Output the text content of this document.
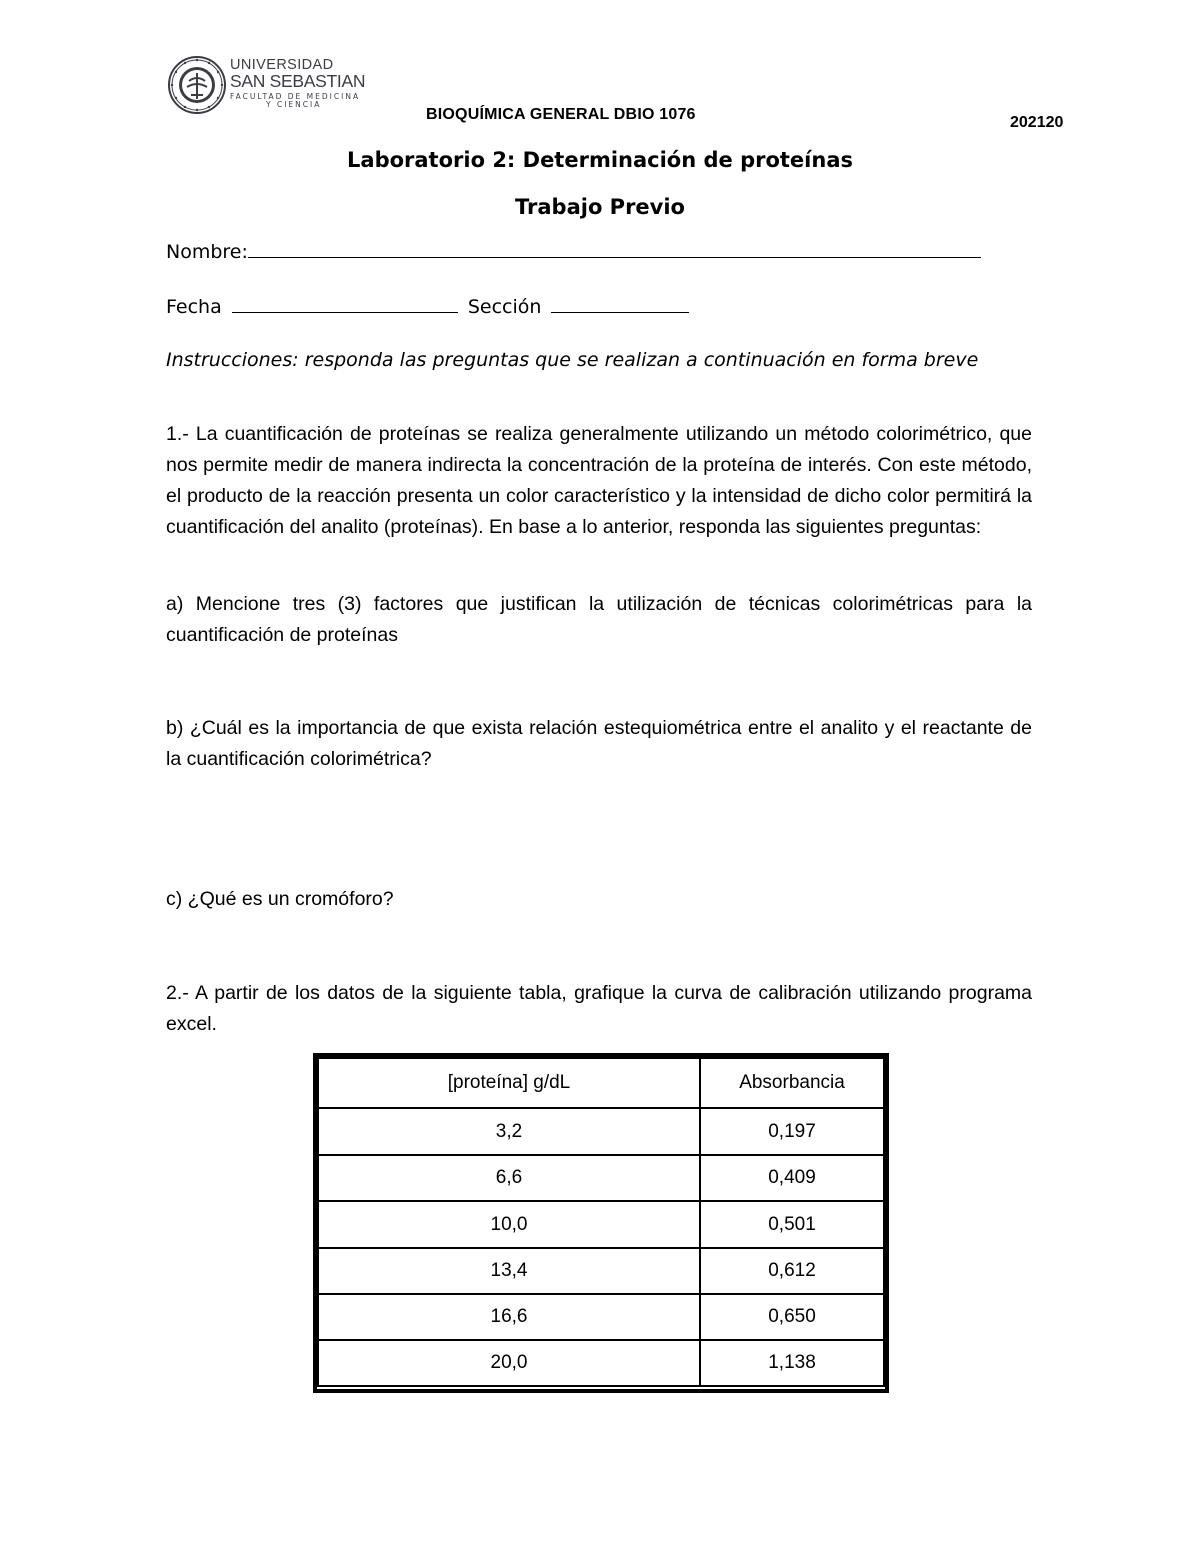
UNIVERSIDAD
SAN SEBASTIAN
FACULTAD DE MEDICINA
Y CIENCIA
BIOQUÍMICA GENERAL DBIO 1076	202120
Laboratorio 2: Determinación de proteínas
Trabajo Previo
Nombre:
Fecha	Sección
Instrucciones: responda las preguntas que se realizan a continuación en forma breve
1.- La cuantificación de proteínas se realiza generalmente utilizando un método colorimétrico, que nos permite medir de manera indirecta la concentración de la proteína de interés. Con este método, el producto de la reacción presenta un color característico y la intensidad de dicho color permitirá la cuantificación del analito (proteínas). En base a lo anterior, responda las siguientes preguntas:
a) Mencione tres (3) factores que justifican la utilización de técnicas colorimétricas para la cuantificación de proteínas
b) ¿Cuál es la importancia de que exista relación estequiométrica entre el analito y el reactante de la cuantificación colorimétrica?
c) ¿Qué es un cromóforo?
2.- A partir de los datos de la siguiente tabla, grafique la curva de calibración utilizando programa excel.
[proteína] g/dL	Absorbancia
3,2	0,197
6,6	0,409
10,0	0,501
13,4	0,612
16,6	0,650
20,0	1,138
